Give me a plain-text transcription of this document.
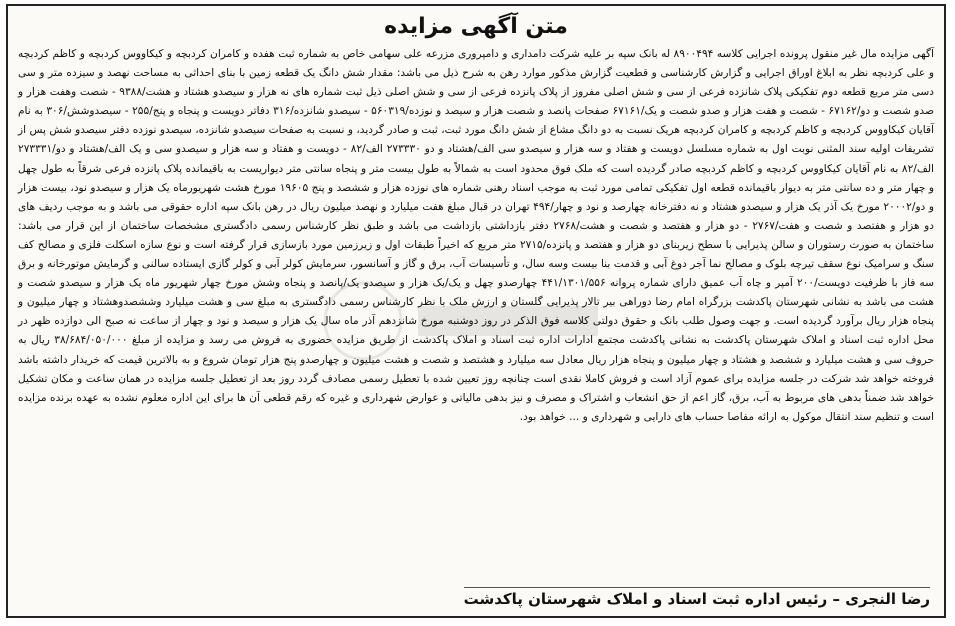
متن آگهی مزایده
آگهی مزایده مال غیر منقول پرونده اجرایی کلاسه ۸۹۰۰۴۹۴ له بانک سپه بر علیه شرکت دامداری و دامپروری مزرعه علی سهامی خاص به شماره ثبت هفده و کامران کردبچه و کیکاووس کردبچه و کاظم کردبچه و علی کردبچه نظر به ابلاغ اوراق اجرایی و گزارش کارشناسی و قطعیت گزارش مذکور موارد رهن به شرح ذیل می باشد: مقدار شش دانگ یک قطعه زمین با بنای احداثی به مساحت نهصد و سیزده متر و سی دسی متر مربع قطعه دوم تفکیکی پلاک شانزده فرعی از سی و شش اصلی مفروز از پلاک پانزده فرعی از سی و شش اصلی ذیل ثبت شماره های نه هزار و سیصدو هشتاد و هشت/۹۳۸۸ - شصت وهفت هزار و صدو شصت و دو/۶۷۱۶۲ - شصت و هفت هزار و صدو شصت و یک/۶۷۱۶۱ صفحات پانصد و شصت هزار و سیصد و نوزده/۵۶۰۳۱۹ - سیصدو شانزده/۳۱۶ دفاتر دویست و پنجاه و پنج/۲۵۵ - سیصدوشش/۳۰۶ به نام آقایان کیکاووس کردبچه و کاظم کردبچه و کامران کردبچه هریک نسبت به دو دانگ مشاع از شش دانگ مورد ثبت، ثبت و صادر گردید، و نسبت به صفحات سیصدو شانزده، سیصدو نوزده دفتر سیصدو شش پس از تشریفات اولیه سند المثنی نوبت اول به شماره مسلسل دویست و هفتاد و سه هزار و سیصدو سی الف/هشتاد و دو ۲۷۳۳۳۰ الف/۸۲ - دویست و هفتاد و سه هزار و سیصدو سی و یک الف/هشتاد و دو/۲۷۳۳۳۱ الف/۸۲ به نام آقایان کیکاووس کردبچه و کاظم کردبچه صادر گردیده است که ملک فوق محدود است به شمالاً به طول بیست متر و پنجاه سانتی متر دیواریست به باقیمانده پلاک پانزده فرعی شرقاً به طول چهل و چهار متر و ده سانتی متر به دیوار باقیمانده قطعه اول تفکیکی تمامی مورد ثبت به موجب اسناد رهنی شماره های نوزده هزار و ششصد و پنج ۱۹۶۰۵ مورخ هشت شهریورماه یک هزار و سیصدو نود، بیست هزار و دو/۲۰۰۰۲ مورخ یک آذر یک هزار و سیصدو هشتاد و نه دفترخانه چهارصد و نود و چهار/۴۹۴ تهران در قبال مبلغ هفت میلیارد و نهصد میلیون ریال در رهن بانک سپه اداره حقوقی می باشد و به موجب ردیف های دو هزار و هفتصد و شصت و هفت/۲۷۶۷ - دو هزار و هفتصد و شصت و هشت/۲۷۶۸ دفتر بازداشتی بازداشت می باشد و طبق نظر کارشناس رسمی دادگستری مشخصات ساختمان از این قرار می باشد: ساختمان به صورت رستوران و سالن پذیرایی با سطح زیربنای دو هزار و هفتصد و پانزده/۲۷۱۵ متر مربع که اخیراً طبقات اول و زیرزمین مورد بازسازی قرار گرفته است و نوع سازه اسکلت فلزی و مصالح کف سنگ و سرامیک نوع سقف تیرچه بلوک و مصالح نما آجر دوغ آبی و قدمت بنا بیست وسه سال، و تأسیسات آب، برق و گاز و آسانسور، سرمایش کولر آبی و کولر گازی ایستاده سالنی و گرمایش موتورخانه و برق سه فاز با ظرفیت دویست/۲۰۰ آمپر و چاه آب عمیق دارای شماره پروانه ۴۴۱/۱۳۰۱/۵۵۶ چهارصدو چهل و یک/یک هزار و سیصدو یک/پانصد و پنجاه وشش مورخ چهار شهریور ماه یک هزار و سیصدو شصت و هشت می باشد به نشانی شهرستان پاکدشت بزرگراه امام رضا دوراهی بیر تالار پذیرایی گلستان و ارزش ملک با نظر کارشناس رسمی دادگستری به مبلغ سی و هشت میلیارد وششصدوهشتاد و چهار میلیون و پنجاه هزار ریال برآورد گردیده است. و جهت وصول طلب بانک و حقوق دولتی کلاسه فوق الذکر در روز دوشنبه مورخ شانزدهم آذر ماه سال یک هزار و سیصد و نود و چهار از ساعت نه صبح الی دوازده ظهر در محل اداره ثبت اسناد و املاک شهرستان پاکدشت به نشانی پاکدشت مجتمع ادارات اداره ثبت اسناد و املاک پاکدشت از طریق مزایده حضوری به فروش می رسد و مزایده از مبلغ ۳۸/۶۸۴/۰۵۰/۰۰۰ ریال به حروف سی و هشت میلیارد و ششصد و هشتاد و چهار میلیون و پنجاه هزار ریال معادل سه میلیارد و هشتصد و شصت و هشت میلیون و چهارصدو پنج هزار تومان شروع و به بالاترین قیمت که خریدار داشته باشد فروخته خواهد شد شرکت در جلسه مزایده برای عموم آزاد است و فروش کاملا نقدی است چنانچه روز تعیین شده با تعطیل رسمی مصادف گردد روز بعد از تعطیل جلسه مزایده در همان ساعت و مکان تشکیل خواهد شد ضمناً بدهی های مربوط به آب، برق، گاز اعم از حق انشعاب و اشتراک و مصرف و نیز بدهی مالیاتی و عوارض شهرداری و غیره که رقم قطعی آن ها برای این اداره معلوم نشده به عهده برنده مزایده است و تنظیم سند انتقال موکول به ارائه مفاصا حساب های دارایی و شهرداری و ... خواهد بود.
رضا النجری – رئیس اداره ثبت اسناد و املاک شهرستان پاکدشت
